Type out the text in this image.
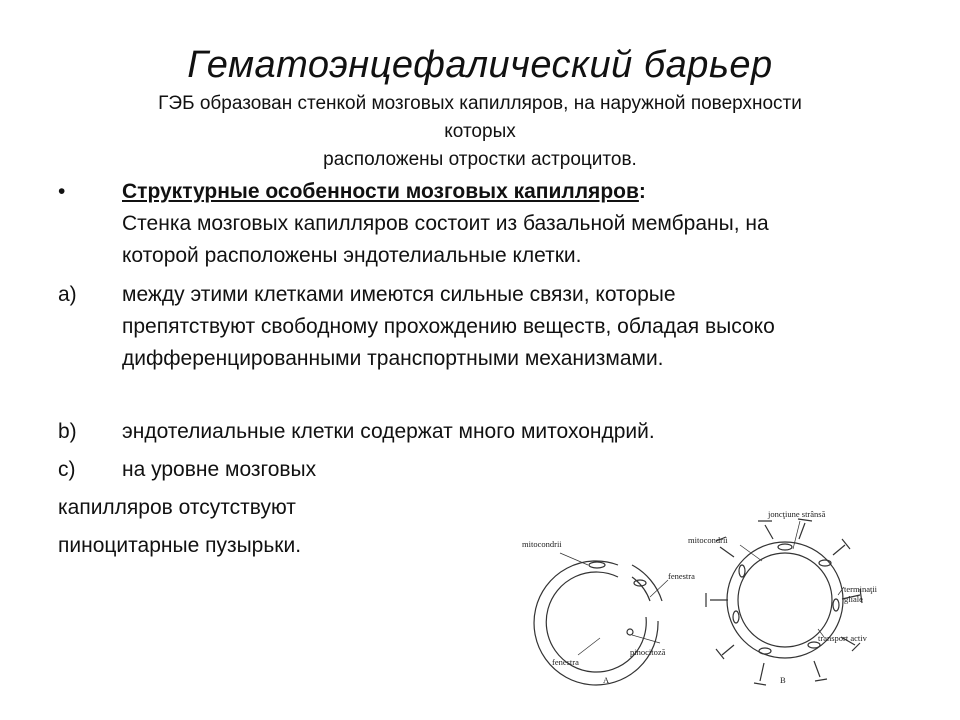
Гематоэнцефалический барьер
ГЭБ образован стенкой мозговых капилляров, на наружной поверхности которых
расположены отростки астроцитов.
•	Структурные особенности мозговых капилляров:
Стенка мозговых капилляров состоит из базальной мембраны, на
которой расположены эндотелиальные клетки.
a) между этими клетками имеются сильные связи, которые
препятствуют свободному прохождению веществ, обладая высоко
дифференцированными транспортными механизмами.
b) эндотелиальные клетки содержат много митохондрий.
c) на уровне мозговых
капилляров отсутствуют
пиноцитарные пузырьки.	mitocondrii
fenestra
pinocitoză
fenestra
A
mitocondrii
joncţiune strânsă
terminaţii
gliale
transport activ
B
